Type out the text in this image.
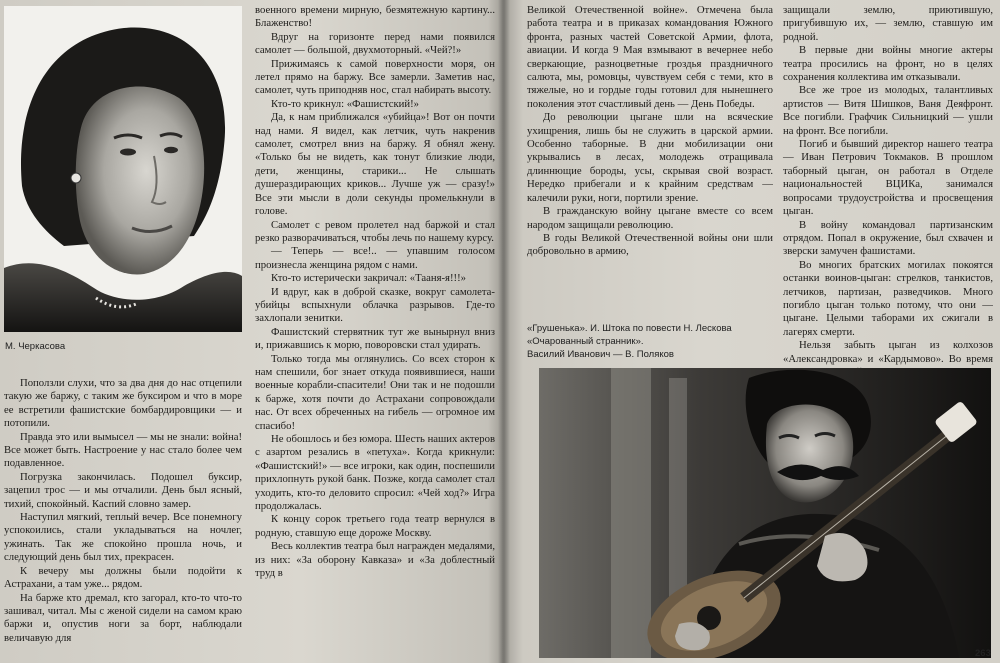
М. Черкасова

Поползли слухи, что за два дня до нас отцепили такую же баржу, с таким же буксиром и что в море ее встретили фашистские бомбардировщики — и потопили.

Правда это или вымысел — мы не знали: война! Все может быть. Настроение у нас стало более чем подавленное.

Погрузка закончилась. Подошел буксир, зацепил трос — и мы отчалили. День был ясный, тихий, спокойный. Каспий словно замер.

Наступил мягкий, теплый вечер. Все понемногу успокоились, стали укладываться на ночлег, ужинать. Так же спокойно прошла ночь, и следующий день был тих, прекрасен.

К вечеру мы должны были подойти к Астрахани, а там уже... рядом.

На барже кто дремал, кто загорал, кто-то что-то зашивал, читал. Мы с женой сидели на самом краю баржи и, опустив ноги за борт, наблюдали величавую для

военного времени мирную, безмятежную картину... Блаженство!

Вдруг на горизонте перед нами появился самолет — большой, двухмоторный. «Чей?!»

Прижимаясь к самой поверхности моря, он летел прямо на баржу. Все замерли. Заметив нас, самолет, чуть приподняв нос, стал набирать высоту.

Кто-то крикнул: «Фашистский!»

Да, к нам приближался «убийца»! Вот он почти над нами. Я видел, как летчик, чуть накренив самолет, смотрел вниз на баржу. Я обнял жену. «Только бы не видеть, как тонут близкие люди, дети, женщины, старики... Не слышать душераздирающих криков... Лучше уж — сразу!» Все эти мысли в доли секунды промелькнули в голове.

Самолет с ревом пролетел над баржой и стал резко разворачиваться, чтобы лечь по нашему курсу.

— Теперь — все!.. — упавшим голосом произнесла женщина рядом с нами.

Кто-то истерически закричал: «Тааня-я!!!»

И вдруг, как в доброй сказке, вокруг самолета-убийцы вспыхнули облачка разрывов. Где-то захлопали зенитки.

Фашистский стервятник тут же вынырнул вниз и, прижавшись к морю, поворовски стал удирать.

Только тогда мы оглянулись. Со всех сторон к нам спешили, бог знает откуда появившиеся, наши военные корабли-спасители! Они так и не подошли к барже, хотя почти до Астрахани сопровождали нас. От всех обреченных на гибель — огромное им спасибо!

Не обошлось и без юмора. Шесть наших актеров с азартом резались в «петуха». Когда крикнули: «Фашистский!» — все игроки, как один, поспешили прихлопнуть рукой банк. Позже, когда самолет стал уходить, кто-то деловито спросил: «Чей ход?» Игра продолжалась.

К концу сорок третьего года театр вернулся в родную, ставшую еще дороже Москву.

Весь коллектив театра был награжден медалями, из них: «За оборону Кавказа» и «За доблестный труд в

Великой Отечественной войне». Отмечена была работа театра и в приказах командования Южного фронта, разных частей Советской Армии, флота, авиации. И когда 9 Мая взмывают в вечернее небо сверкающие, разноцветные гроздья праздничного салюта, мы, ромовцы, чувствуем себя с теми, кто в тяжелые, но и гордые годы готовил для нынешнего поколения этот счастливый день — День Победы.

До революции цыгане шли на всяческие ухищрения, лишь бы не служить в царской армии. Особенно таборные. В дни мобилизации они укрывались в лесах, молодежь отращивала длиннющие бороды, усы, скрывая свой возраст. Нередко прибегали и к крайним средствам — калечили руки, ноги, портили зрение.

В гражданскую войну цыгане вместе со всем народом защищали революцию.

В годы Великой Отечественной войны они шли добровольно в армию,

защищали землю, приютившую, пригубившую их, — землю, ставшую им родной.

В первые дни войны многие актеры театра просились на фронт, но в целях сохранения коллектива им отказывали.

Все же трое из молодых, талантливых артистов — Витя Шишков, Ваня Деяфронт. Все погибли. Графчик Сильницкий — ушли на фронт. Все погибли.

Погиб и бывший директор нашего театра — Иван Петрович Токмаков. В прошлом таборный цыган, он работал в Отделе национальностей ВЦИКа, занимался вопросами трудоустройства и просвещения цыган.

В войну командовал партизанским отрядом. Попал в окружение, был схвачен и зверски замучен фашистами.

Во многих братских могилах покоятся останки воинов-цыган: стрелков, танкистов, летчиков, партизан, разведчиков. Много погибло цыган только потому, что они — цыгане. Целыми таборами их сжигали в лагерях смерти.

Нельзя забыть цыган из колхозов «Александровка» и «Кардымово». Во время

«Грушенька». И. Штока по повести Н. Лескова
«Очарованный странник».
Василий Иванович — В. Поляков
263
